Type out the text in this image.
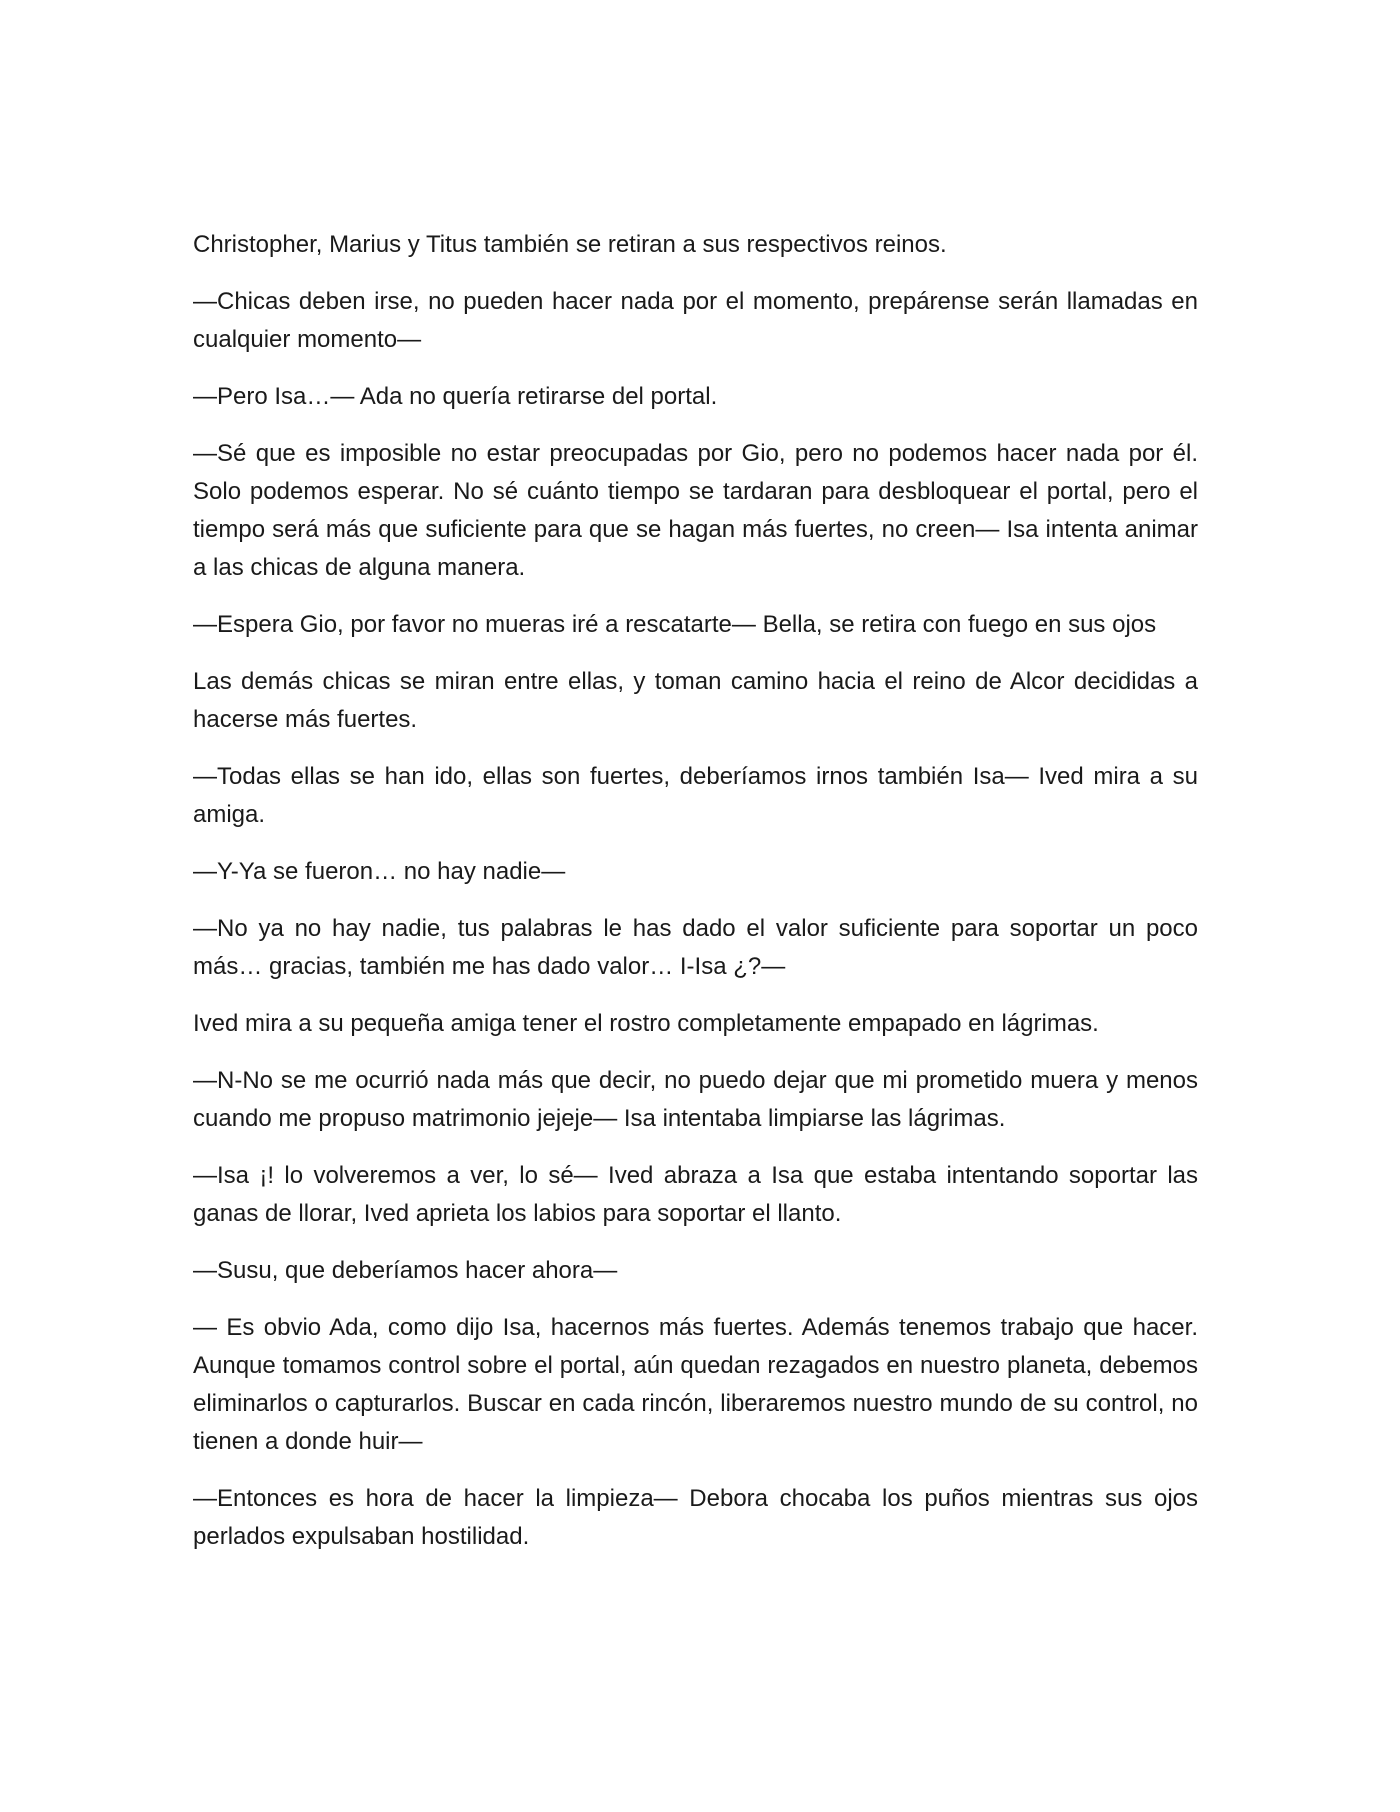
Christopher, Marius y Titus también se retiran a sus respectivos reinos.

—Chicas deben irse, no pueden hacer nada por el momento, prepárense serán llamadas en cualquier momento—

—Pero Isa…— Ada no quería retirarse del portal.

—Sé que es imposible no estar preocupadas por Gio, pero no podemos hacer nada por él. Solo podemos esperar. No sé cuánto tiempo se tardaran para desbloquear el portal, pero el tiempo será más que suficiente para que se hagan más fuertes, no creen— Isa intenta animar a las chicas de alguna manera.

—Espera Gio, por favor no mueras iré a rescatarte— Bella, se retira con fuego en sus ojos

Las demás chicas se miran entre ellas, y toman camino hacia el reino de Alcor decididas a hacerse más fuertes.

—Todas ellas se han ido, ellas son fuertes, deberíamos irnos también Isa— Ived mira a su amiga.

—Y-Ya se fueron… no hay nadie—

—No ya no hay nadie, tus palabras le has dado el valor suficiente para soportar un poco más… gracias, también me has dado valor… I-Isa ¿?—

Ived mira a su pequeña amiga tener el rostro completamente empapado en lágrimas.

—N-No se me ocurrió nada más que decir, no puedo dejar que mi prometido muera y menos cuando me propuso matrimonio jejeje— Isa intentaba limpiarse las lágrimas.

—Isa ¡! lo volveremos a ver, lo sé— Ived abraza a Isa que estaba intentando soportar las ganas de llorar, Ived aprieta los labios para soportar el llanto.

—Susu, que deberíamos hacer ahora—

— Es obvio Ada, como dijo Isa, hacernos más fuertes. Además tenemos trabajo que hacer. Aunque tomamos control sobre el portal, aún quedan rezagados en nuestro planeta, debemos eliminarlos o capturarlos. Buscar en cada rincón, liberaremos nuestro mundo de su control, no tienen a donde huir—

—Entonces es hora de hacer la limpieza— Debora chocaba los puños mientras sus ojos perlados expulsaban hostilidad.
